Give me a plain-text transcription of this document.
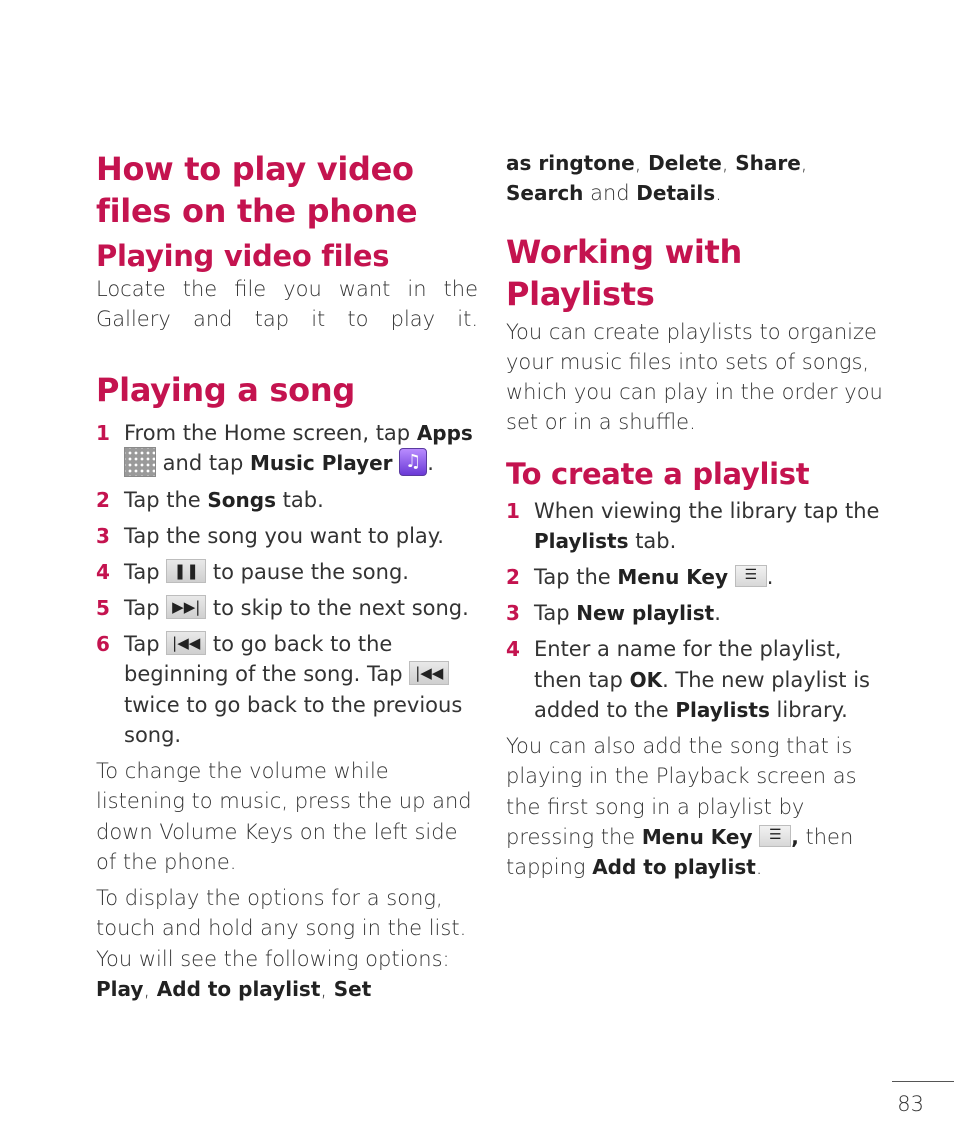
How to play video files on the phone
Playing video files

Locate the file you want in the Gallery and tap it to play it.

Playing a song
1 From the Home screen, tap Apps  and tap Music Player ♫ .
2 Tap the Songs tab.
3 Tap the song you want to play.
4 Tap ❚❚ to pause the song.
5 Tap ▶▶| to skip to the next song.
6 Tap |◀◀ to go back to the beginning of the song. Tap |◀◀ twice to go back to the previous song.

To change the volume while listening to music, press the up and down Volume Keys on the left side of the phone.

To display the options for a song, touch and hold any song in the list. You will see the following options: Play, Add to playlist, Set

as ringtone, Delete, Share, Search and Details.

Working with Playlists

You can create playlists to organize your music files into sets of songs, which you can play in the order you set or in a shuffle.

To create a playlist
1 When viewing the library tap the Playlists tab.
2 Tap the Menu Key ☰ .
3 Tap New playlist.
4 Enter a name for the playlist, then tap OK. The new playlist is added to the Playlists library.

You can also add the song that is playing in the Playback screen as the first song in a playlist by pressing the Menu Key ☰ , then tapping Add to playlist.

83
